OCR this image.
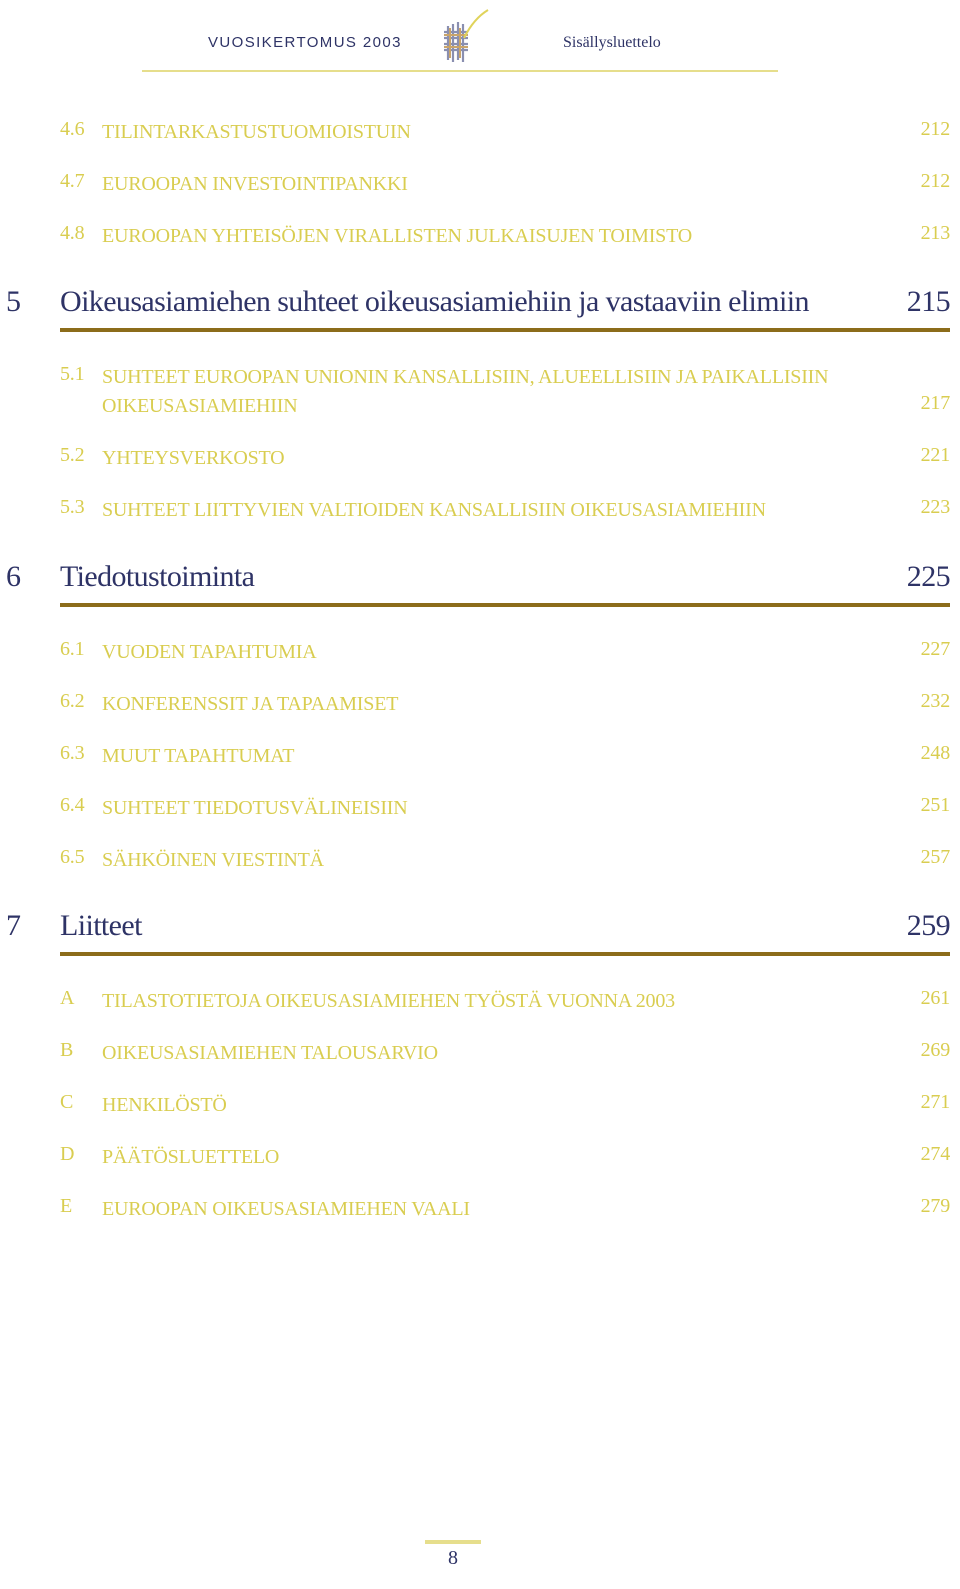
VUOSIKERTOMUS 2003	Sisällysluettelo
4.6 TILINTARKASTUSTUOMIOISTUIN	212
4.7 EUROOPAN INVESTOINTIPANKKI	212
4.8 EUROOPAN YHTEISÖJEN VIRALLISTEN JULKAISUJEN TOIMISTO	213
5 Oikeusasiamiehen suhteet oikeusasiamiehiin ja vastaaviin elimiin	215
5.1 SUHTEET EUROOPAN UNIONIN KANSALLISIIN, ALUEELLISIIN JA PAIKALLISIIN OIKEUSASIAMIEHIIN	217
5.2 YHTEYSVERKOSTO	221
5.3 SUHTEET LIITTYVIEN VALTIOIDEN KANSALLISIIN OIKEUSASIAMIEHIIN	223
6 Tiedotustoiminta	225
6.1 VUODEN TAPAHTUMIA	227
6.2 KONFERENSSIT JA TAPAAMISET	232
6.3 MUUT TAPAHTUMAT	248
6.4 SUHTEET TIEDOTUSVÄLINEISIIN	251
6.5 SÄHKÖINEN VIESTINTÄ	257
7 Liitteet	259
A	TILASTOTIETOJA OIKEUSASIAMIEHEN TYÖSTÄ VUONNA 2003	261
B	OIKEUSASIAMIEHEN TALOUSARVIO	269
C	HENKILÖSTÖ	271
D	PÄÄTÖSLUETTELO	274
E	EUROOPAN OIKEUSASIAMIEHEN VAALI	279
8
